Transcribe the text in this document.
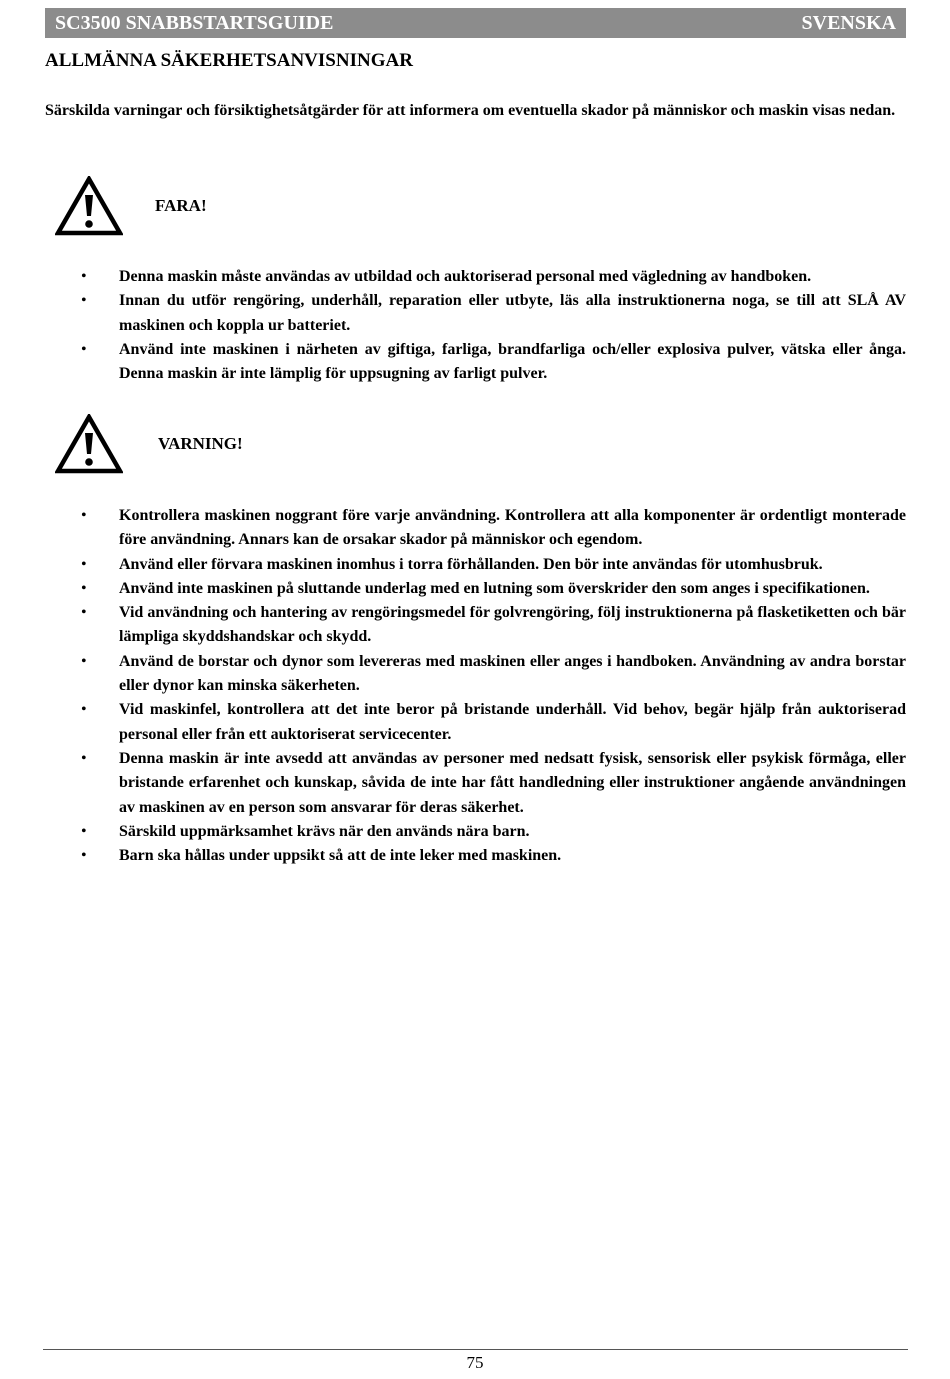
SC3500 SNABBSTARTSGUIDE	SVENSKA
ALLMÄNNA SÄKERHETSANVISNINGAR

Särskilda varningar och försiktighetsåtgärder för att informera om eventuella skador på människor och maskin visas nedan.

FARA!
• Denna maskin måste användas av utbildad och auktoriserad personal med vägledning av handboken.
• Innan du utför rengöring, underhåll, reparation eller utbyte, läs alla instruktionerna noga, se till att SLÅ AV maskinen och koppla ur batteriet.
• Använd inte maskinen i närheten av giftiga, farliga, brandfarliga och/eller explosiva pulver, vätska eller ånga. Denna maskin är inte lämplig för uppsugning av farligt pulver.
VARNING!
• Kontrollera maskinen noggrant före varje användning. Kontrollera att alla komponenter är ordentligt monterade före användning. Annars kan de orsakar skador på människor och egendom.
• Använd eller förvara maskinen inomhus i torra förhållanden. Den bör inte användas för utomhusbruk.
• Använd inte maskinen på sluttande underlag med en lutning som överskrider den som anges i specifikationen.
• Vid användning och hantering av rengöringsmedel för golvrengöring, följ instruktionerna på flasketiketten och bär lämpliga skyddshandskar och skydd.
• Använd de borstar och dynor som levereras med maskinen eller anges i handboken. Användning av andra borstar eller dynor kan minska säkerheten.
• Vid maskinfel, kontrollera att det inte beror på bristande underhåll. Vid behov, begär hjälp från auktoriserad personal eller från ett auktoriserat servicecenter.
• Denna maskin är inte avsedd att användas av personer med nedsatt fysisk, sensorisk eller psykisk förmåga, eller bristande erfarenhet och kunskap, såvida de inte har fått handledning eller instruktioner angående användningen av maskinen av en person som ansvarar för deras säkerhet.
• Särskild uppmärksamhet krävs när den används nära barn.
• Barn ska hållas under uppsikt så att de inte leker med maskinen.
75
